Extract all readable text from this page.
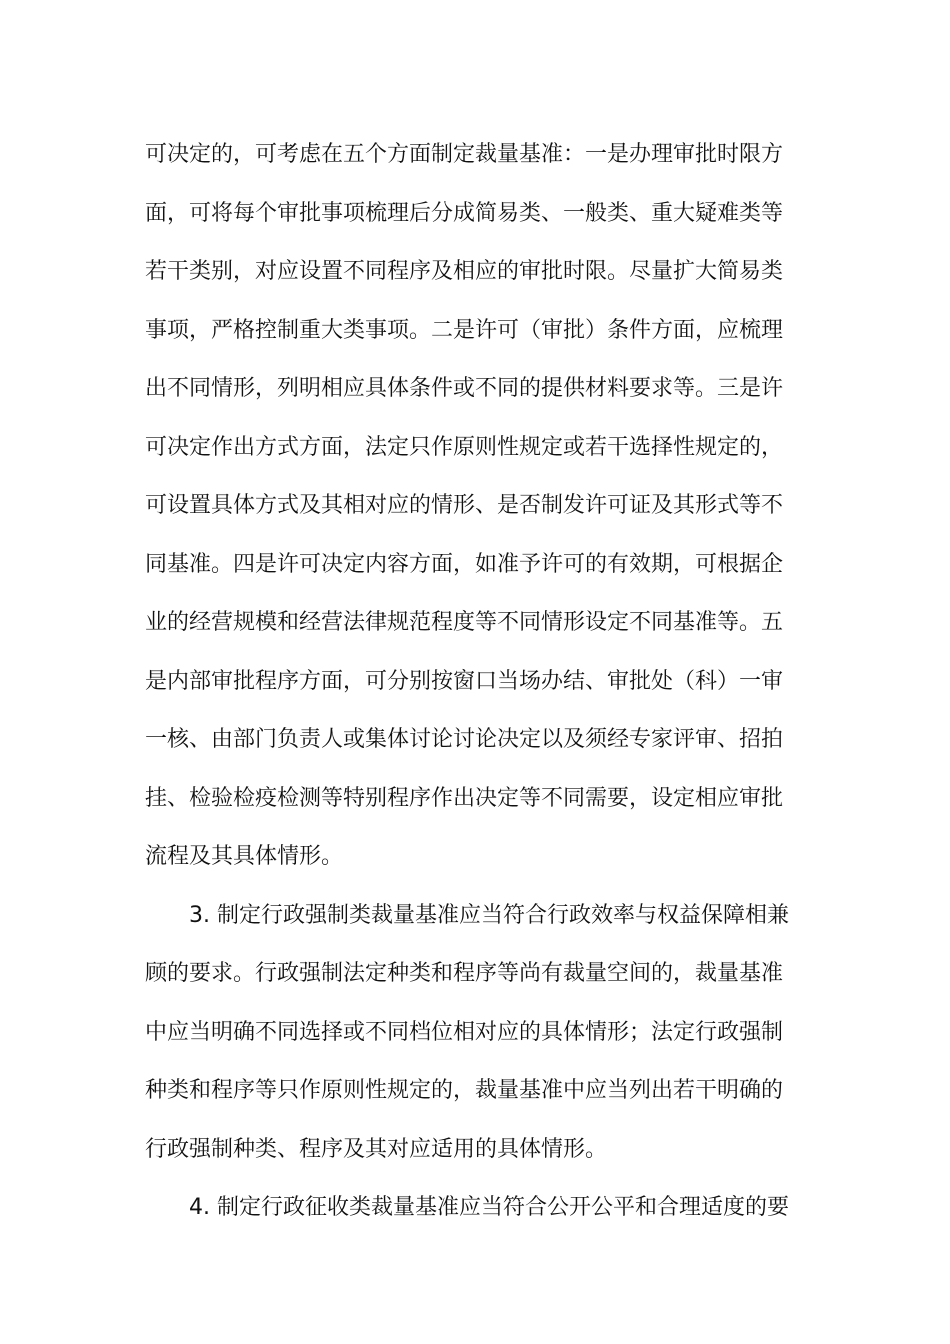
可决定的，可考虑在五个方面制定裁量基准：一是办理审批时限方
面，可将每个审批事项梳理后分成简易类、一般类、重大疑难类等
若干类别，对应设置不同程序及相应的审批时限。尽量扩大简易类
事项，严格控制重大类事项。二是许可（审批）条件方面，应梳理
出不同情形，列明相应具体条件或不同的提供材料要求等。三是许
可决定作出方式方面，法定只作原则性规定或若干选择性规定的，
可设置具体方式及其相对应的情形、是否制发许可证及其形式等不
同基准。四是许可决定内容方面，如准予许可的有效期，可根据企
业的经营规模和经营法律规范程度等不同情形设定不同基准等。五
是内部审批程序方面，可分别按窗口当场办结、审批处（科）一审
一核、由部门负责人或集体讨论讨论决定以及须经专家评审、招拍
挂、检验检疫检测等特别程序作出决定等不同需要，设定相应审批
流程及其具体情形。
3. 制定行政强制类裁量基准应当符合行政效率与权益保障相兼
顾的要求。行政强制法定种类和程序等尚有裁量空间的，裁量基准
中应当明确不同选择或不同档位相对应的具体情形；法定行政强制
种类和程序等只作原则性规定的，裁量基准中应当列出若干明确的
行政强制种类、程序及其对应适用的具体情形。
4. 制定行政征收类裁量基准应当符合公开公平和合理适度的要
